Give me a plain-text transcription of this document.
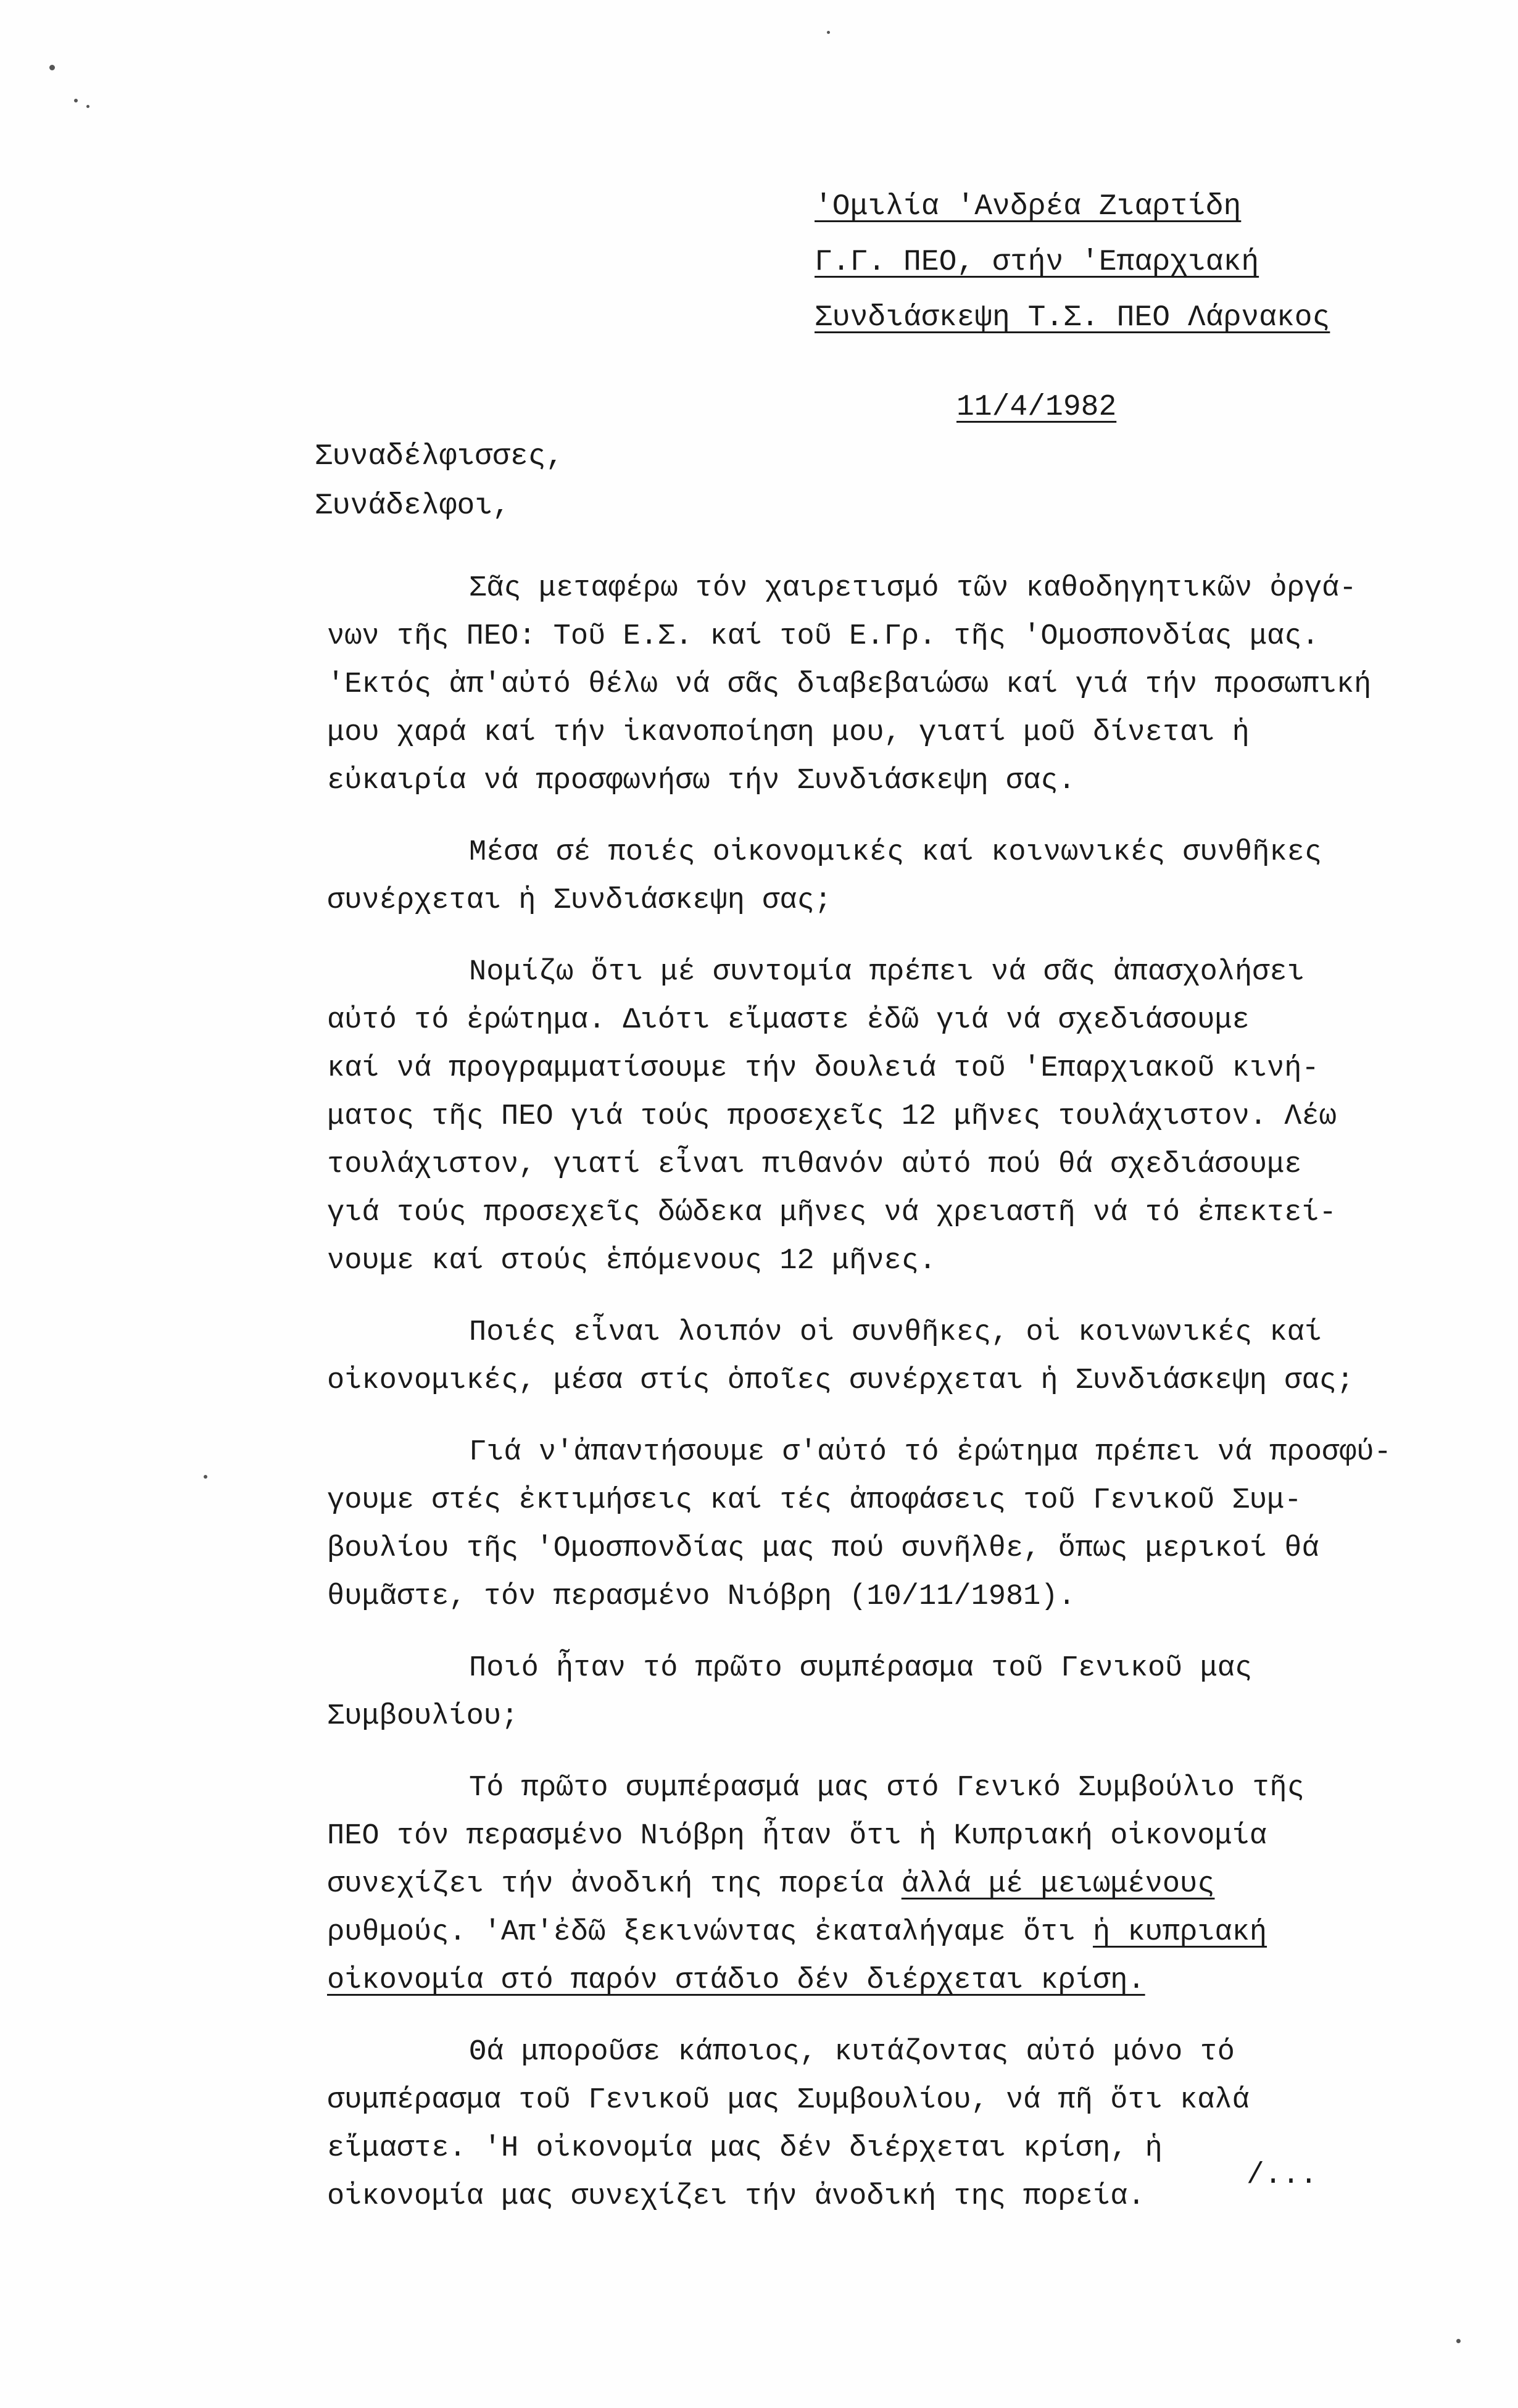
'Ομιλία 'Ανδρέα Ζιαρτίδη
Γ.Γ. ΠΕΟ, στήν 'Επαρχιακή
Συνδιάσκεψη Τ.Σ. ΠΕΟ Λάρνακος
11/4/1982
Συναδέλφισσες,
Συνάδελφοι,
Σᾶς μεταφέρω τόν χαιρετισμό τῶν καθοδηγητικῶν ὀργά-
νων τῆς ΠΕΟ: Τοῦ Ε.Σ. καί τοῦ Ε.Γρ. τῆς 'Ομοσπονδίας μας.
'Εκτός ἀπ'αὐτό θέλω νά σᾶς διαβεβαιώσω καί γιά τήν προσωπική
μου χαρά καί τήν ἱκανοποίηση μου, γιατί μοῦ δίνεται ἡ
εὐκαιρία νά προσφωνήσω τήν Συνδιάσκεψη σας.
Μέσα σέ ποιές οἰκονομικές καί κοινωνικές συνθῆκες
συνέρχεται ἡ Συνδιάσκεψη σας;
Νομίζω ὅτι μέ συντομία πρέπει νά σᾶς ἀπασχολήσει
αὐτό τό ἐρώτημα. Διότι εἴμαστε ἐδῶ γιά νά σχεδιάσουμε
καί νά προγραμματίσουμε τήν δουλειά τοῦ 'Επαρχιακοῦ κινή-
ματος τῆς ΠΕΟ γιά τούς προσεχεῖς 12 μῆνες τουλάχιστον. Λέω
τουλάχιστον, γιατί εἶναι πιθανόν αὐτό πού θά σχεδιάσουμε
γιά τούς προσεχεῖς δώδεκα μῆνες νά χρειαστῆ νά τό ἐπεκτεί-
νουμε καί στούς ἑπόμενους 12 μῆνες.
Ποιές εἶναι λοιπόν οἱ συνθῆκες, οἱ κοινωνικές καί
οἰκονομικές, μέσα στίς ὁποῖες συνέρχεται ἡ Συνδιάσκεψη σας;
Γιά ν'ἀπαντήσουμε σ'αὐτό τό ἐρώτημα πρέπει νά προσφύ-
γουμε στές ἐκτιμήσεις καί τές ἀποφάσεις τοῦ Γενικοῦ Συμ-
βουλίου τῆς 'Ομοσπονδίας μας πού συνῆλθε, ὅπως μερικοί θά
θυμᾶστε, τόν περασμένο Νιόβρη (10/11/1981).
Ποιό ἦταν τό πρῶτο συμπέρασμα τοῦ Γενικοῦ μας
Συμβουλίου;
Τό πρῶτο συμπέρασμά μας στό Γενικό Συμβούλιο τῆς
ΠΕΟ τόν περασμένο Νιόβρη ἦταν ὅτι ἡ Κυπριακή οἰκονομία
συνεχίζει τήν ἀνοδική της πορεία ἀλλά μέ μειωμένους
ρυθμούς. 'Απ'ἐδῶ ξεκινώντας ἐκαταλήγαμε ὅτι ἡ κυπριακή
οἰκονομία στό παρόν στάδιο δέν διέρχεται κρίση.
Θά μποροῦσε κάποιος, κυτάζοντας αὐτό μόνο τό
συμπέρασμα τοῦ Γενικοῦ μας Συμβουλίου, νά πῆ ὅτι καλά
εἴμαστε. 'Η οἰκονομία μας δέν διέρχεται κρίση, ἡ
οἰκονομία μας συνεχίζει τήν ἀνοδική της πορεία.
/...
